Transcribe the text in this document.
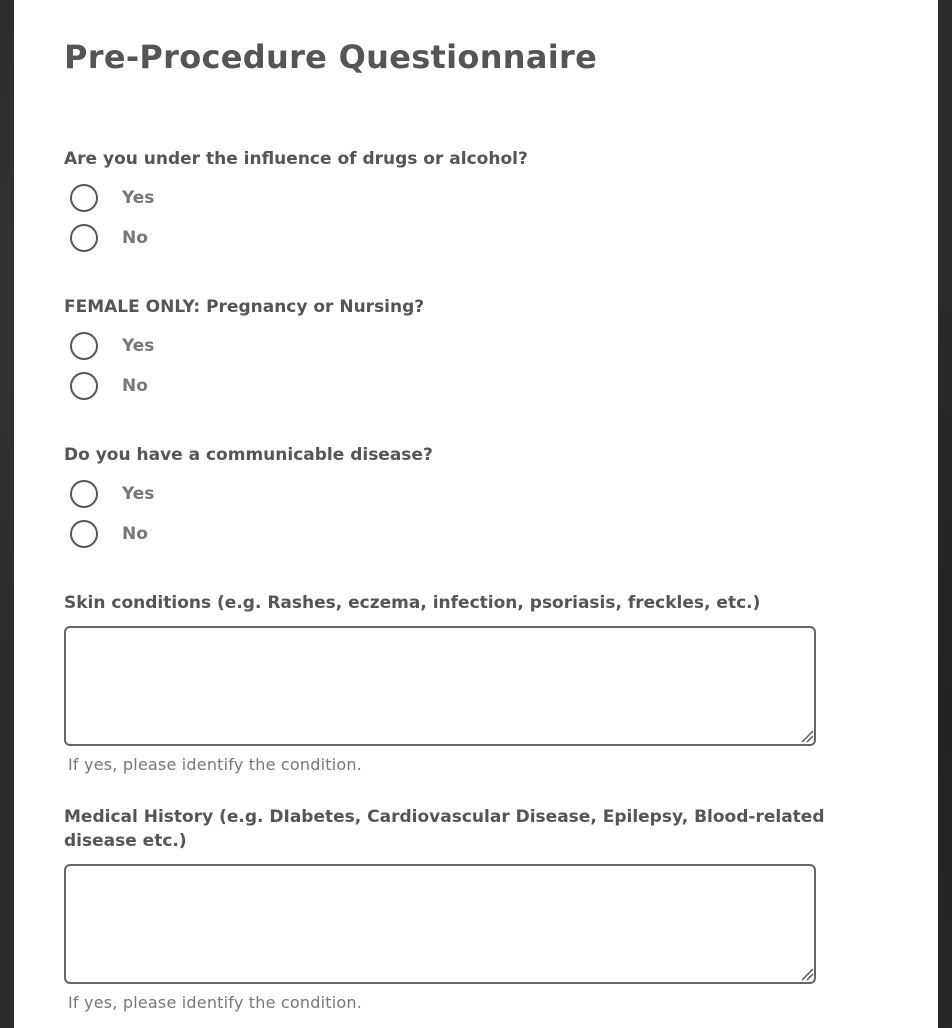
Pre-Procedure Questionnaire

Are you under the influence of drugs or alcohol?

Yes
No

FEMALE ONLY: Pregnancy or Nursing?

Yes
No

Do you have a communicable disease?

Yes
No

Skin conditions (e.g. Rashes, eczema, infection, psoriasis, freckles, etc.)

If yes, please identify the condition.

Medical History (e.g. DIabetes, Cardiovascular Disease, Epilepsy, Blood-related disease etc.)

If yes, please identify the condition.
